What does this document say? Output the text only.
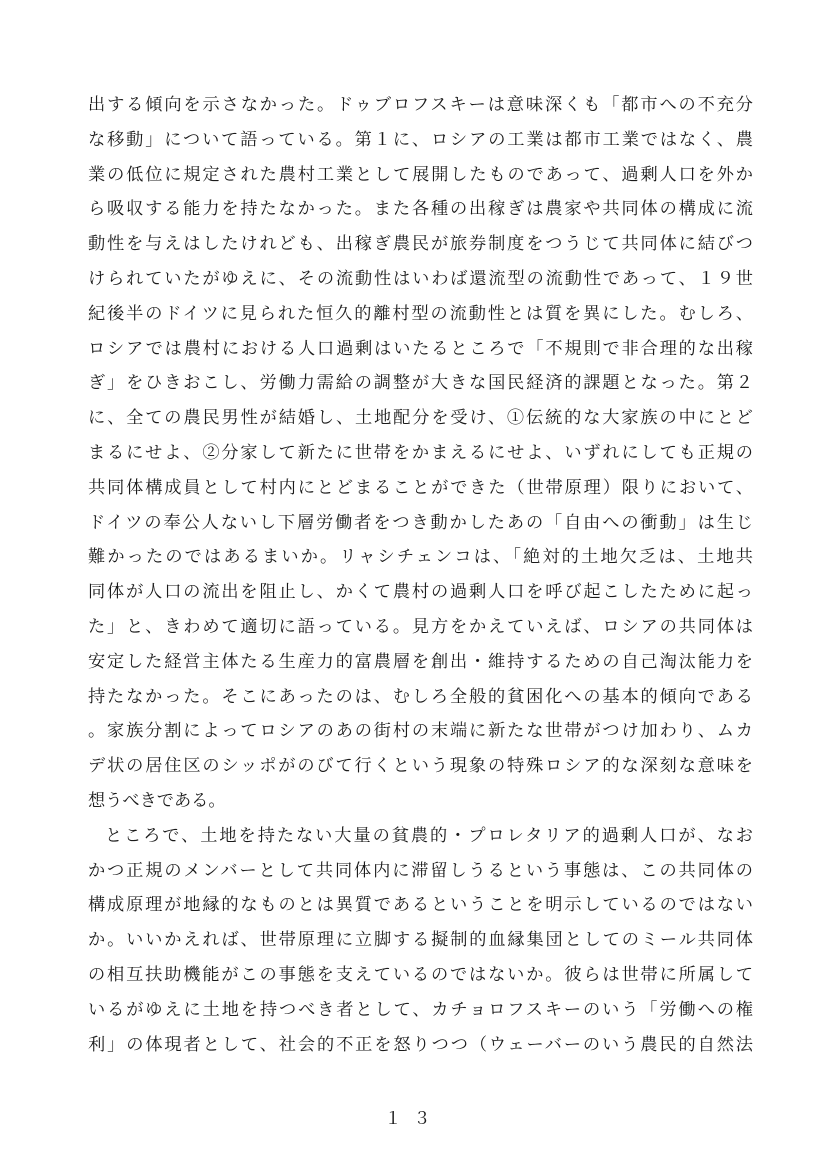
出する傾向を示さなかった。ドゥブロフスキーは意味深くも「都市への不充分
な移動」について語っている。第１に、ロシアの工業は都市工業ではなく、農
業の低位に規定された農村工業として展開したものであって、過剰人口を外か
ら吸収する能力を持たなかった。また各種の出稼ぎは農家や共同体の構成に流
動性を与えはしたけれども、出稼ぎ農民が旅券制度をつうじて共同体に結びつ
けられていたがゆえに、その流動性はいわば還流型の流動性であって、１９世
紀後半のドイツに見られた恒久的離村型の流動性とは質を異にした。むしろ、
ロシアでは農村における人口過剰はいたるところで「不規則で非合理的な出稼
ぎ」をひきおこし、労働力需給の調整が大きな国民経済的課題となった。第２
に、全ての農民男性が結婚し、土地配分を受け、①伝統的な大家族の中にとど
まるにせよ、②分家して新たに世帯をかまえるにせよ、いずれにしても正規の
共同体構成員として村内にとどまることができた（世帯原理）限りにおいて、
ドイツの奉公人ないし下層労働者をつき動かしたあの「自由への衝動」は生じ
難かったのではあるまいか。リャシチェンコは、「絶対的土地欠乏は、土地共
同体が人口の流出を阻止し、かくて農村の過剰人口を呼び起こしたために起っ
た」と、きわめて適切に語っている。見方をかえていえば、ロシアの共同体は
安定した経営主体たる生産力的富農層を創出・維持するための自己淘汰能力を
持たなかった。そこにあったのは、むしろ全般的貧困化への基本的傾向である
。家族分割によってロシアのあの街村の末端に新たな世帯がつけ加わり、ムカ
デ状の居住区のシッポがのびて行くという現象の特殊ロシア的な深刻な意味を
想うべきである。
ところで、土地を持たない大量の貧農的・プロレタリア的過剰人口が、なお
かつ正規のメンバーとして共同体内に滞留しうるという事態は、この共同体の
構成原理が地縁的なものとは異質であるということを明示しているのではない
か。いいかえれば、世帯原理に立脚する擬制的血縁集団としてのミール共同体
の相互扶助機能がこの事態を支えているのではないか。彼らは世帯に所属して
いるがゆえに土地を持つべき者として、カチョロフスキーのいう「労働への権
利」の体現者として、社会的不正を怒りつつ（ウェーバーのいう農民的自然法
１３
